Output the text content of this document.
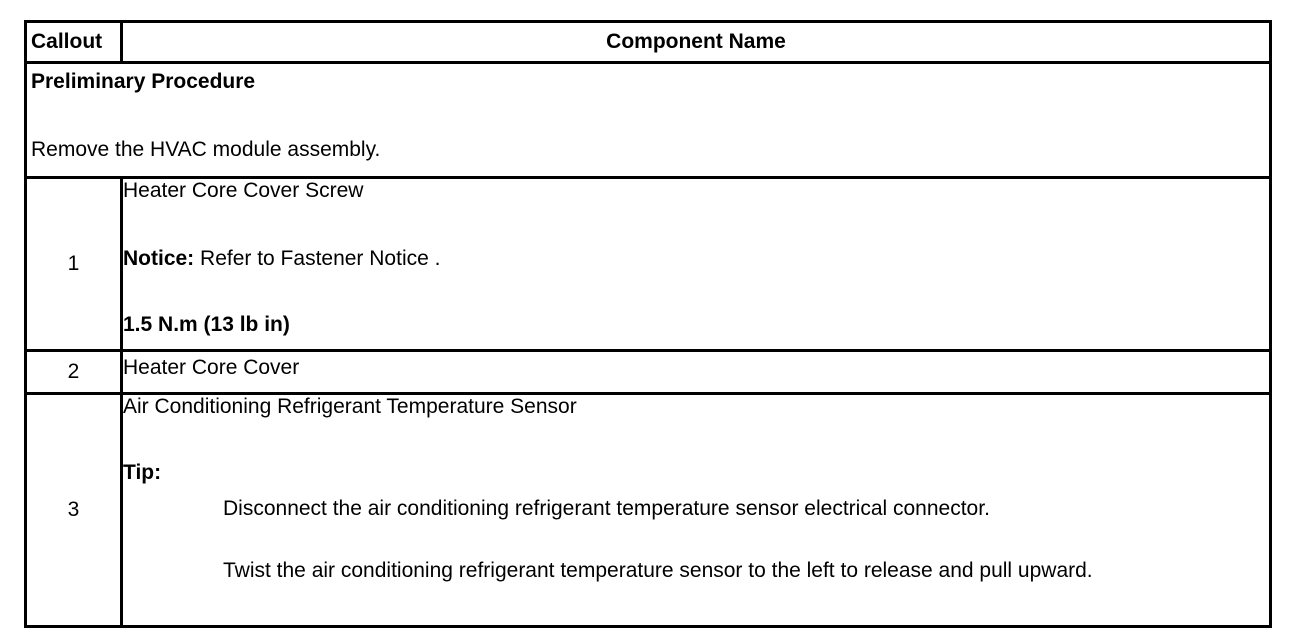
Callout	Component Name

Preliminary Procedure
Remove the HVAC module assembly.	

1	Heater Core Cover Screw
Notice: Refer to Fastener Notice .
1.5 N.m (13 lb in)

2	Heater Core Cover

3	Air Conditioning Refrigerant Temperature Sensor
Tip:
Disconnect the air conditioning refrigerant temperature sensor electrical connector.
Twist the air conditioning refrigerant temperature sensor to the left to release and pull upward.
